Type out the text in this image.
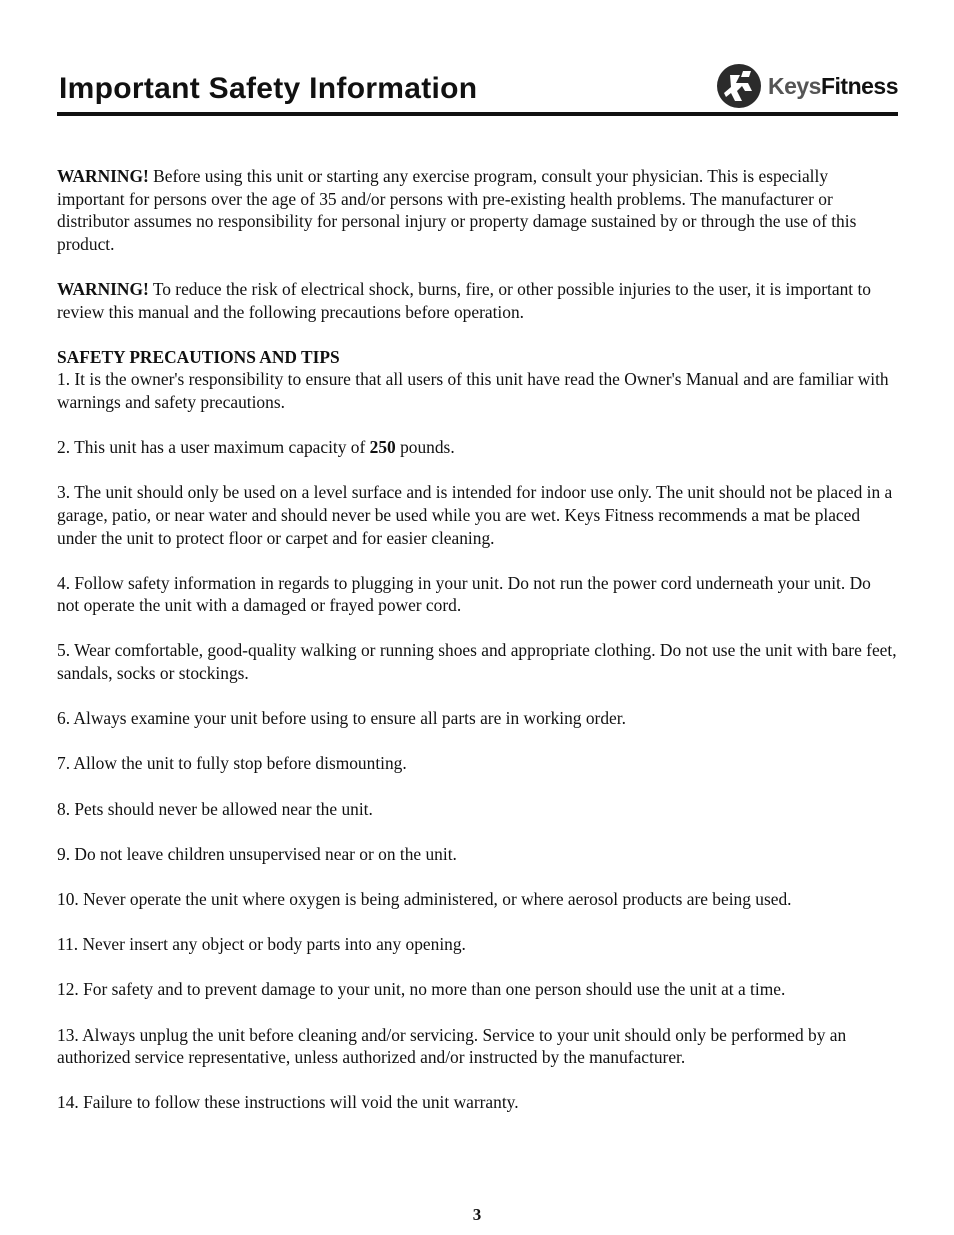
Important Safety Information	KeysFitness

WARNING! Before using this unit or starting any exercise program, consult your physician. This is especially important for persons over the age of 35 and/or persons with pre-existing health problems. The manufacturer or distributor assumes no responsibility for personal injury or property damage sustained by or through the use of this product.

WARNING! To reduce the risk of electrical shock, burns, fire, or other possible injuries to the user, it is important to review this manual and the following precautions before operation.

SAFETY PRECAUTIONS AND TIPS
1. It is the owner's responsibility to ensure that all users of this unit have read the Owner's Manual and are familiar with warnings and safety precautions.

2. This unit has a user maximum capacity of 250 pounds.

3. The unit should only be used on a level surface and is intended for indoor use only. The unit should not be placed in a garage, patio, or near water and should never be used while you are wet. Keys Fitness recommends a mat be placed under the unit to protect floor or carpet and for easier cleaning.

4. Follow safety information in regards to plugging in your unit. Do not run the power cord underneath your unit. Do not operate the unit with a damaged or frayed power cord.

5. Wear comfortable, good-quality walking or running shoes and appropriate clothing. Do not use the unit with bare feet, sandals, socks or stockings.

6. Always examine your unit before using to ensure all parts are in working order.

7. Allow the unit to fully stop before dismounting.

8. Pets should never be allowed near the unit.

9. Do not leave children unsupervised near or on the unit.

10. Never operate the unit where oxygen is being administered, or where aerosol products are being used.

11. Never insert any object or body parts into any opening.

12. For safety and to prevent damage to your unit, no more than one person should use the unit at a time.

13. Always unplug the unit before cleaning and/or servicing. Service to your unit should only be performed by an authorized service representative, unless authorized and/or instructed by the manufacturer.

14. Failure to follow these instructions will void the unit warranty.

3
